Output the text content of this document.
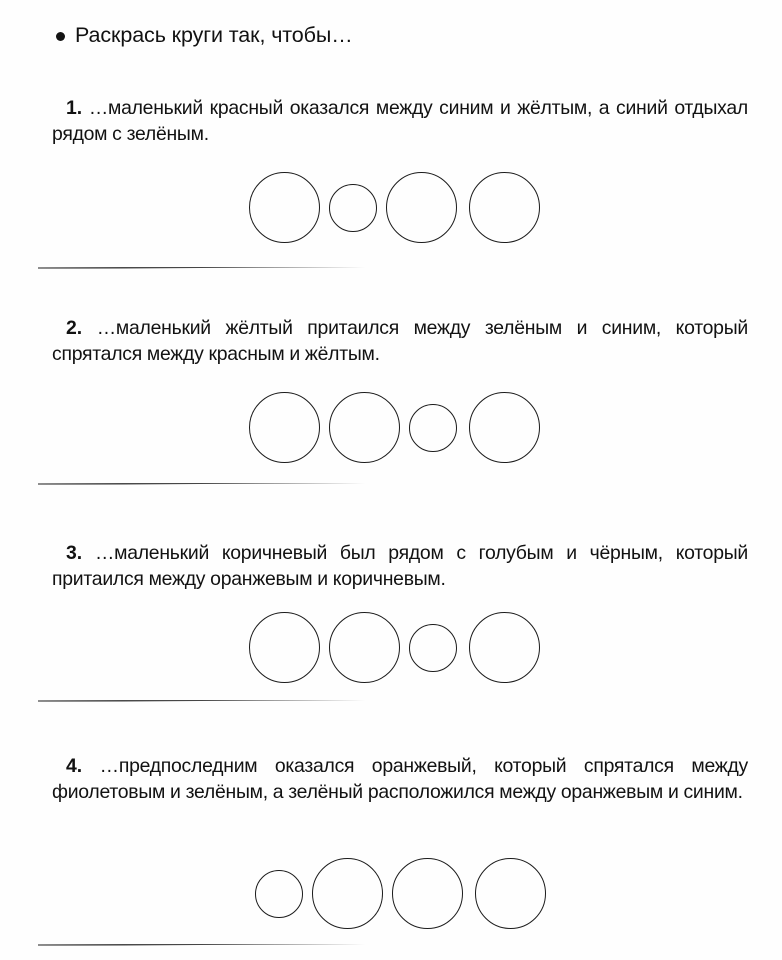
Раскрась круги так, чтобы…

1. …маленький красный оказался между синим и жёлтым, а синий отдыхал рядом с зелёным.

2. …маленький жёлтый притаился между зелёным и синим, который спрятался между красным и жёлтым.

3. …маленький коричневый был рядом с голубым и чёрным, который притаился между оранжевым и коричневым.

4. …предпоследним оказался оранжевый, который спрятался между фиолетовым и зелёным, а зелёный расположился между оранжевым и синим.
